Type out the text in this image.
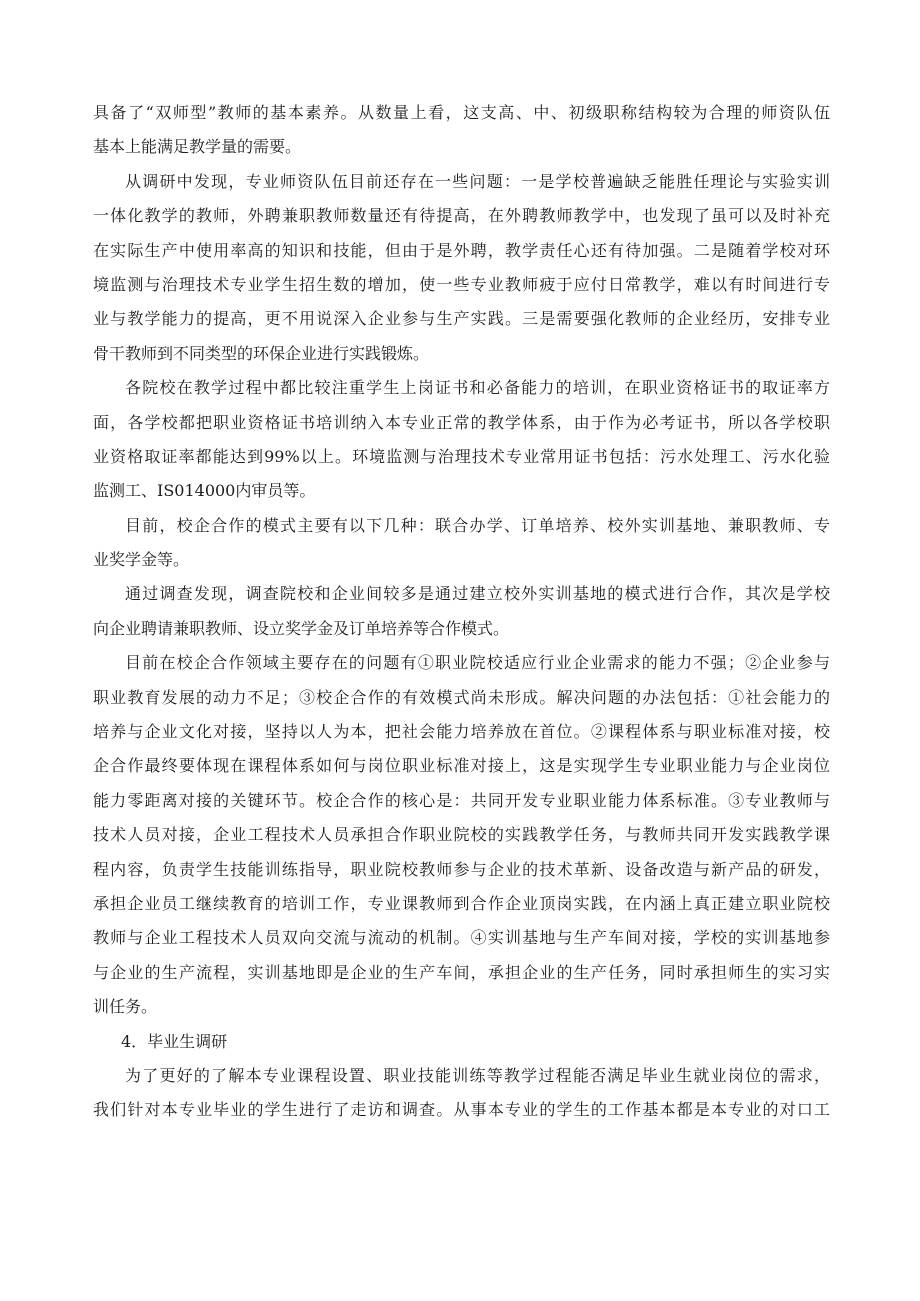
具备了“双师型”教师的基本素养。从数量上看，这支高、中、初级职称结构较为合理的师资队伍
基本上能满足教学量的需要。
从调研中发现，专业师资队伍目前还存在一些问题：一是学校普遍缺乏能胜任理论与实验实训
一体化教学的教师，外聘兼职教师数量还有待提高，在外聘教师教学中，也发现了虽可以及时补充
在实际生产中使用率高的知识和技能，但由于是外聘，教学责任心还有待加强。二是随着学校对环
境监测与治理技术专业学生招生数的增加，使一些专业教师疲于应付日常教学，难以有时间进行专
业与教学能力的提高，更不用说深入企业参与生产实践。三是需要强化教师的企业经历，安排专业
骨干教师到不同类型的环保企业进行实践锻炼。
各院校在教学过程中都比较注重学生上岗证书和必备能力的培训，在职业资格证书的取证率方
面，各学校都把职业资格证书培训纳入本专业正常的教学体系，由于作为必考证书，所以各学校职
业资格取证率都能达到99%以上。环境监测与治理技术专业常用证书包括：污水处理工、污水化验
监测工、IS014000内审员等。
目前，校企合作的模式主要有以下几种：联合办学、订单培养、校外实训基地、兼职教师、专
业奖学金等。
通过调查发现，调查院校和企业间较多是通过建立校外实训基地的模式进行合作，其次是学校
向企业聘请兼职教师、设立奖学金及订单培养等合作模式。
目前在校企合作领域主要存在的问题有①职业院校适应行业企业需求的能力不强；②企业参与
职业教育发展的动力不足；③校企合作的有效模式尚未形成。解决问题的办法包括：①社会能力的
培养与企业文化对接，坚持以人为本，把社会能力培养放在首位。②课程体系与职业标准对接，校
企合作最终要体现在课程体系如何与岗位职业标准对接上，这是实现学生专业职业能力与企业岗位
能力零距离对接的关键环节。校企合作的核心是：共同开发专业职业能力体系标准。③专业教师与
技术人员对接，企业工程技术人员承担合作职业院校的实践教学任务，与教师共同开发实践教学课
程内容，负责学生技能训练指导，职业院校教师参与企业的技术革新、设备改造与新产品的研发，
承担企业员工继续教育的培训工作，专业课教师到合作企业顶岗实践，在内涵上真正建立职业院校
教师与企业工程技术人员双向交流与流动的机制。④实训基地与生产车间对接，学校的实训基地参
与企业的生产流程，实训基地即是企业的生产车间，承担企业的生产任务，同时承担师生的实习实
训任务。
4．毕业生调研
为了更好的了解本专业课程设置、职业技能训练等教学过程能否满足毕业生就业岗位的需求，
我们针对本专业毕业的学生进行了走访和调查。从事本专业的学生的工作基本都是本专业的对口工
